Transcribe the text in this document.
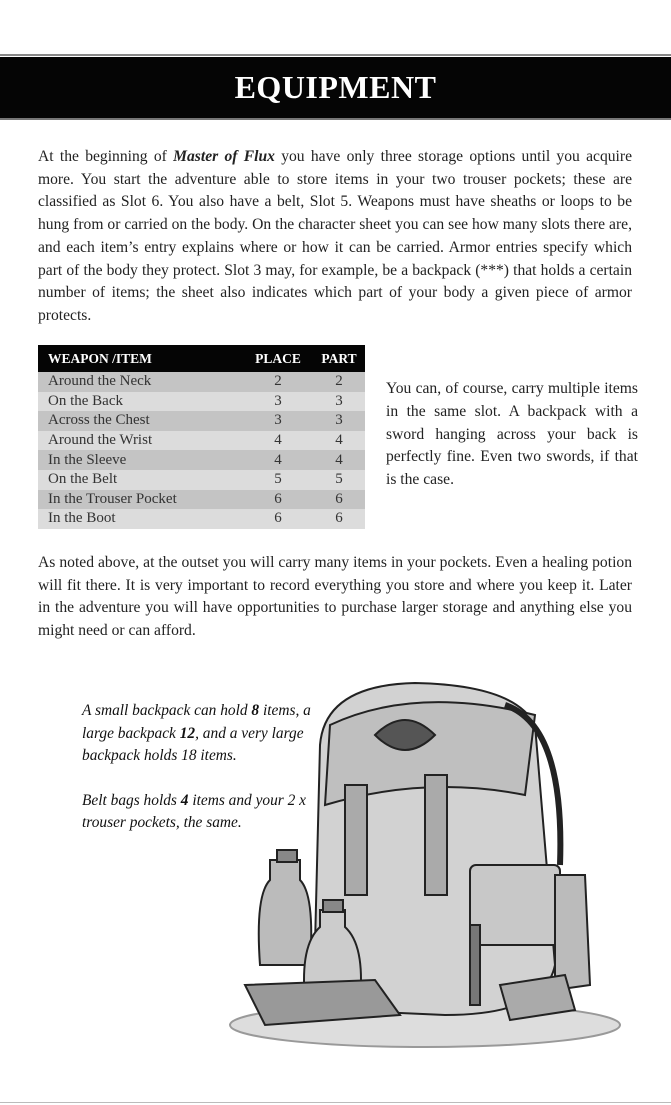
EQUIPMENT

At the beginning of Master of Flux you have only three storage options until you acquire more. You start the adventure able to store items in your two trouser pockets; these are classified as Slot 6. You also have a belt, Slot 5. Weapons must have sheaths or loops to be hung from or carried on the body. On the character sheet you can see how many slots there are, and each item’s entry explains where or how it can be carried. Armor entries specify which part of the body they protect. Slot 3 may, for example, be a backpack (***) that holds a certain number of items; the sheet also indicates which part of your body a given piece of armor protects.

WEAPON /ITEM	PLACE	PART
Around the Neck	2	2
On the Back	3	3
Across the Chest	3	3
Around the Wrist	4	4
In the Sleeve	4	4
On the Belt	5	5
In the Trouser Pocket	6	6
In the Boot	6	6

You can, of course, carry multiple items in the same slot. A backpack with a sword hanging across your back is perfectly fine. Even two swords, if that is the case.

As noted above, at the outset you will carry many items in your pockets. Even a healing potion will fit there. It is very important to record everything you store and where you keep it. Later in the adventure you will have opportunities to purchase larger storage and anything else you might need or can afford.

A small backpack can hold 8 items, a large backpack 12, and a very large backpack holds 18 items.

Belt bags holds 4 items and your 2 x trouser pockets, the same.
